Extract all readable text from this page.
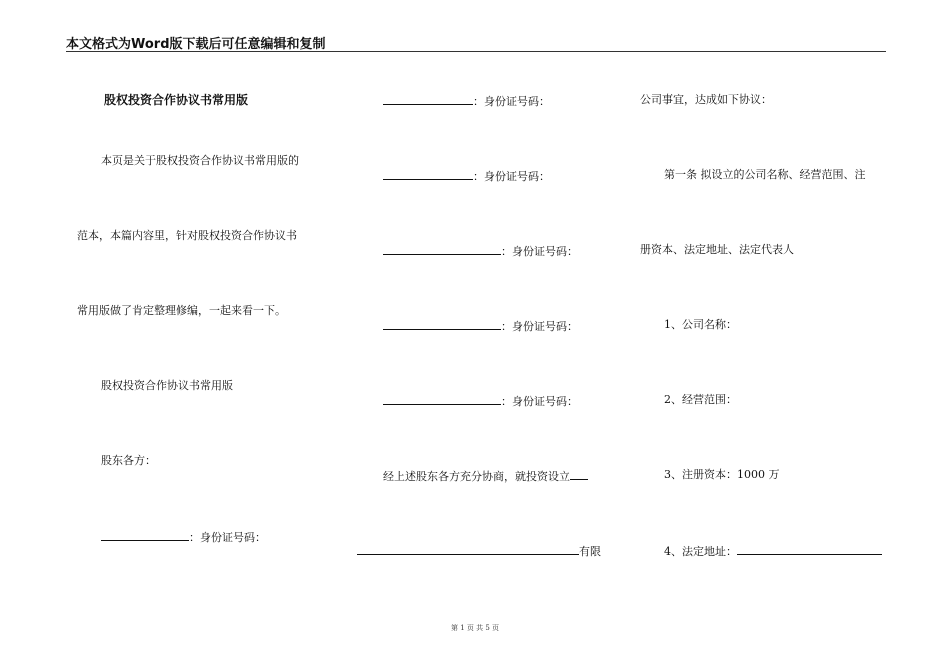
本文格式为Word版下载后可任意编辑和复制
股权投资合作协议书常用版
本页是关于股权投资合作协议书常用版的
范本，本篇内容里，针对股权投资合作协议书
常用版做了肯定整理修编，一起来看一下。
股权投资合作协议书常用版
股东各方：
：身份证号码：
：身份证号码：
：身份证号码：
：身份证号码：
：身份证号码：
：身份证号码：
经上述股东各方充分协商，就投资设立
有限
公司事宜，达成如下协议：
第一条 拟设立的公司名称、经营范围、注
册资本、法定地址、法定代表人
1、公司名称：
2、经营范围：
3、注册资本：1000 万
4、法定地址：
第 1 页 共 5 页
